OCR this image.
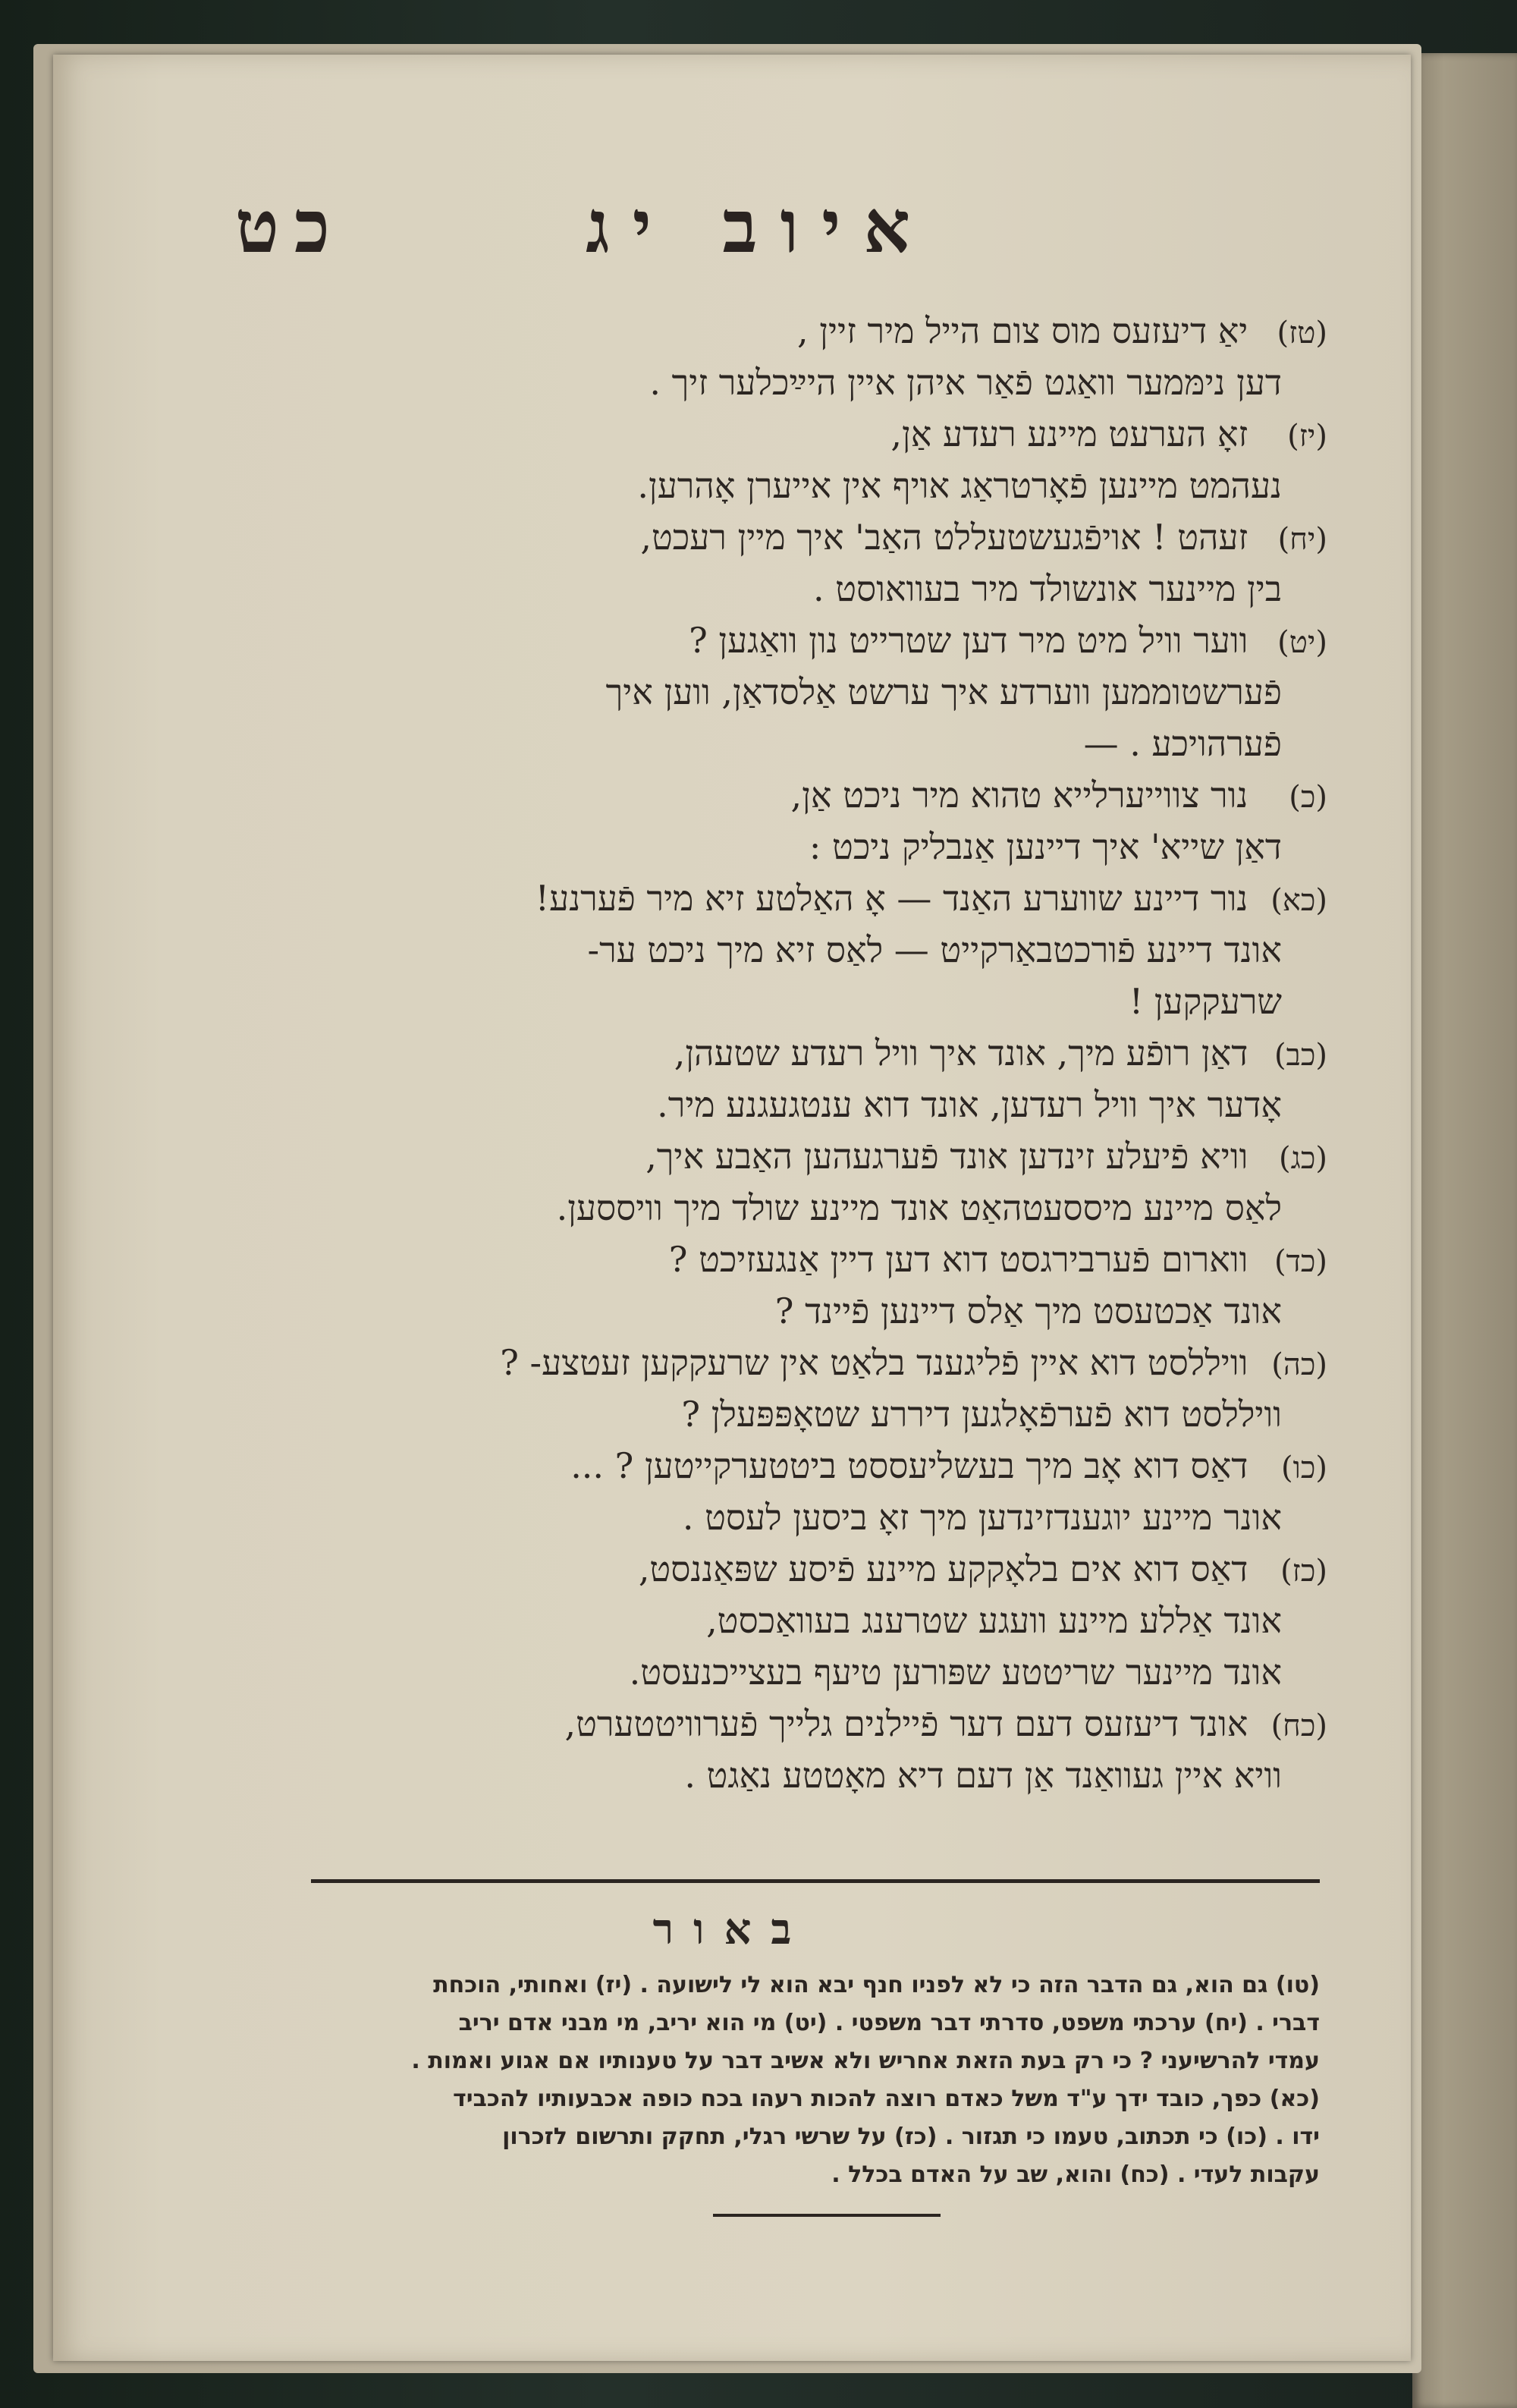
איוב יג
כט
(טז) יאַ דיעזעס מוס צום הייל מיר זיין ,
דען נימּמער וואַגט פֿאַר איהן איין היײַכלער זיך .
(יז) זאָ הערעט מיינע רעדע אַן,
נעהמט מיינען פֿאָרטראַג אויף אין אייערן אָהרען.
(יח) זעהט ! אויפֿגעשטעללט האַב' איך מיין רעכט,
בין מיינער אונשולד מיר בעוואוסט .
(יט) ווער וויל מיט מיר דען שטרייט נון וואַגען ?
פֿערשטוממען ווערדע איך ערשט אַלסדאַן, ווען איך
פֿערהויכע . —
(כ) נור צווייערלייא טהוא מיר ניכט אַן,
דאַן שייא' איך דיינען אַנבליק ניכט :
(כא) נור דיינע שווערע האַנד — אָ האַלטע זיא מיר פֿערנע!
אונד דיינע פֿורכטבאַרקייט — לאַס זיא מיך ניכט ער-
שרעקקען !
(כב) דאַן רופֿע מיך, אונד איך וויל רעדע שטעהן,
אָדער איך וויל רעדען, אונד דוא ענטגעגנע מיר.
(כג) וויא פֿיעלע זינדען אונד פֿערגעהען האַבע איך,
לאַס מיינע מיססעטהאַט אונד מיינע שולד מיך וויססען.
(כד) ווארום פֿערבירגסט דוא דען דיין אַנגעזיכט ?
אונד אַכטעסט מיך אַלס דיינען פֿיינד ?
(כה) וויללסט דוא איין פֿליגענד בלאַט אין שרעקקען זעטצע- ?
וויללסט דוא פֿערפֿאָלגען דיררע שטאָפּפּעלן ?
(כו) דאַס דוא אָב מיך בעשליעססט ביטטערקייטען ? ...
אונר מיינע יוגענדזינדען מיך זאָ ביסען לעסט .
(כז) דאַס דוא אים בלאָקקע מיינע פֿיסע שפּאַננסט,
אונד אַללע מיינע וועגע שטרענג בעוואַכסט,
אונד מיינער שריטטע שפּורען טיעף בעצייכנעסט.
(כח) אונד דיעזעס דעם דער פֿיילנים גלייך פֿערוויטטערט,
וויא איין געוואַנד אַן דעם דיא מאָטטע נאַגט .
באור
(טו) גם הוא, גם הדבר הזה כי לא לפניו חנף יבא הוא לי לישועה . (יז) ואחותי, הוכחת
דברי . (יח) ערכתי משפט, סדרתי דבר משפטי . (יט) מי הוא יריב, מי מבני אדם יריב
עמדי להרשיעני ? כי רק בעת הזאת אחריש ולא אשיב דבר על טענותיו אם אגוע ואמות .
(כא) כפך, כובד ידך ע"ד משל כאדם רוצה להכות רעהו בכח כופה אכבעותיו להכביד
ידו . (כו) כי תכתוב, טעמו כי תגזור . (כז) על שרשי רגלי, תחקק ותרשום לזכרון
עקבות לעדי . (כח) והוא, שב על האדם בכלל .
